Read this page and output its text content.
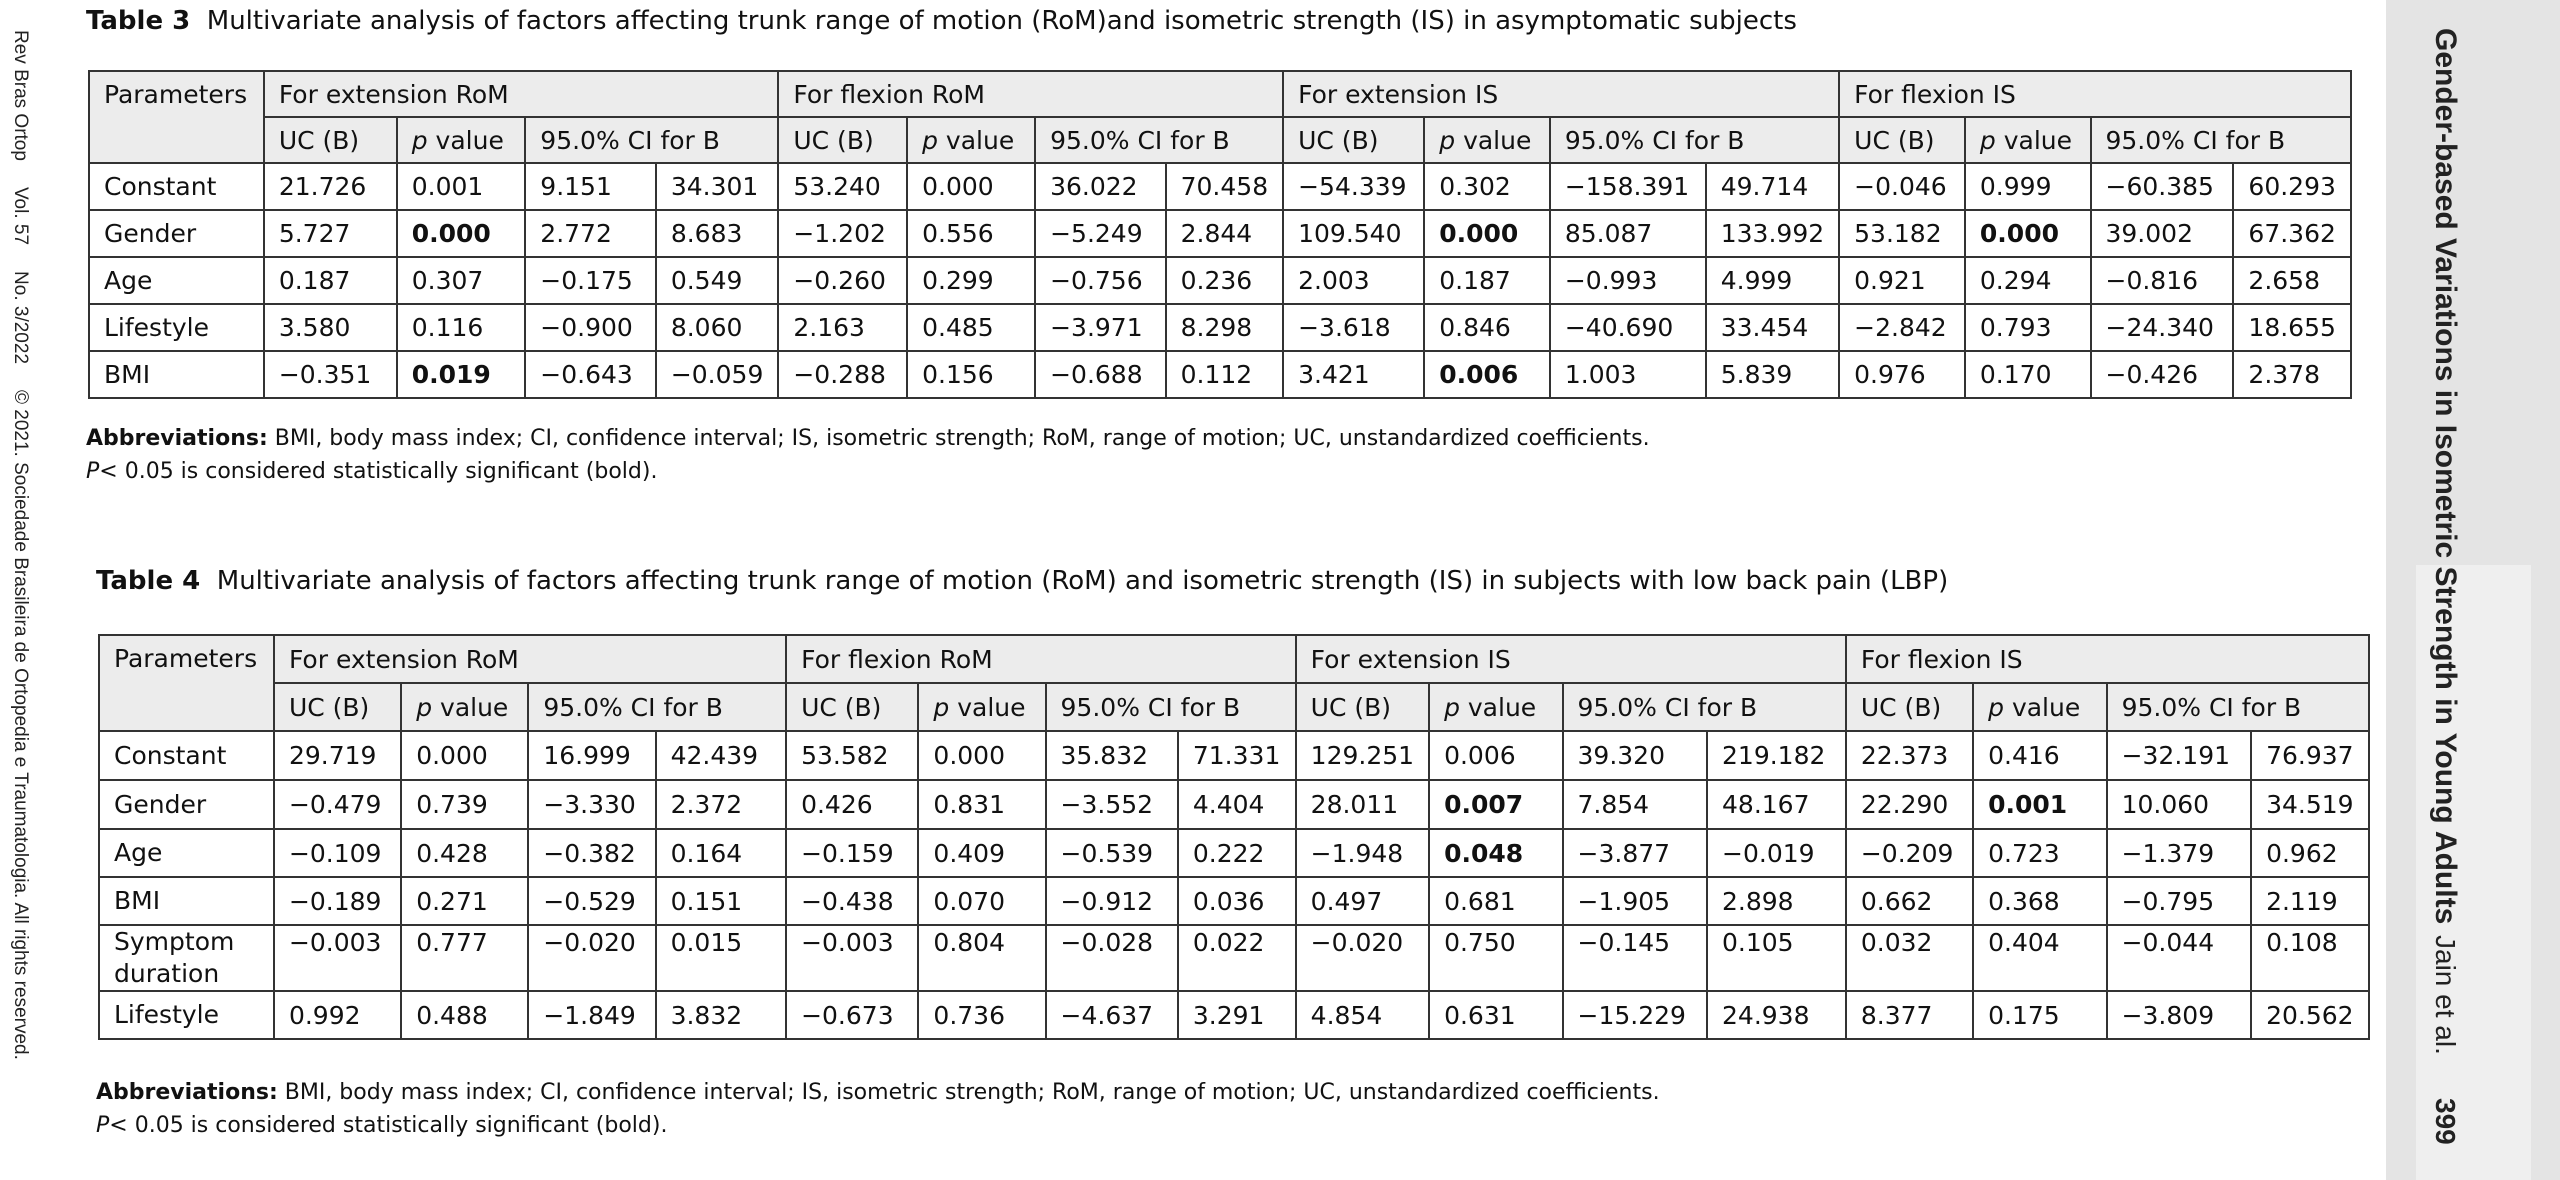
Rev Bras OrtopVol. 57No. 3/2022© 2021. Sociedade Brasileira de Ortopedia e Traumatologia. All rights reserved.	Gender-based Variations in Isometric Strength in Young Adults
Jain et al.
399
Table 3 Multivariate analysis of factors affecting trunk range of motion (RoM)and isometric strength (IS) in asymptomatic subjects
Parameters	For extension RoM				For flexion RoM				For extension IS				For flexion IS			
	UC (B)	p value	95.0% CI for B		UC (B)	p value	95.0% CI for B		UC (B)	p value	95.0% CI for B		UC (B)	p value	95.0% CI for B	
Constant	21.726	0.001	9.151	34.301	53.240	0.000	36.022	70.458	−54.339	0.302	−158.391	49.714	−0.046	0.999	−60.385	60.293
Gender	5.727	0.000	2.772	8.683	−1.202	0.556	−5.249	2.844	109.540	0.000	85.087	133.992	53.182	0.000	39.002	67.362
Age	0.187	0.307	−0.175	0.549	−0.260	0.299	−0.756	0.236	2.003	0.187	−0.993	4.999	0.921	0.294	−0.816	2.658
Lifestyle	3.580	0.116	−0.900	8.060	2.163	0.485	−3.971	8.298	−3.618	0.846	−40.690	33.454	−2.842	0.793	−24.340	18.655
BMI	−0.351	0.019	−0.643	−0.059	−0.288	0.156	−0.688	0.112	3.421	0.006	1.003	5.839	0.976	0.170	−0.426	2.378
Abbreviations: BMI, body mass index; CI, confidence interval; IS, isometric strength; RoM, range of motion; UC, unstandardized coefficients.
P< 0.05 is considered statistically significant (bold).
Table 4 Multivariate analysis of factors affecting trunk range of motion (RoM) and isometric strength (IS) in subjects with low back pain (LBP)
Parameters	For extension RoM				For flexion RoM				For extension IS				For flexion IS			
	UC (B)	p value	95.0% CI for B		UC (B)	p value	95.0% CI for B		UC (B)	p value	95.0% CI for B		UC (B)	p value	95.0% CI for B	
Constant	29.719	0.000	16.999	42.439	53.582	0.000	35.832	71.331	129.251	0.006	39.320	219.182	22.373	0.416	−32.191	76.937
Gender	−0.479	0.739	−3.330	2.372	0.426	0.831	−3.552	4.404	28.011	0.007	7.854	48.167	22.290	0.001	10.060	34.519
Age	−0.109	0.428	−0.382	0.164	−0.159	0.409	−0.539	0.222	−1.948	0.048	−3.877	−0.019	−0.209	0.723	−1.379	0.962
BMI	−0.189	0.271	−0.529	0.151	−0.438	0.070	−0.912	0.036	0.497	0.681	−1.905	2.898	0.662	0.368	−0.795	2.119
Symptom duration	−0.003	0.777	−0.020	0.015	−0.003	0.804	−0.028	0.022	−0.020	0.750	−0.145	0.105	0.032	0.404	−0.044	0.108
Lifestyle	0.992	0.488	−1.849	3.832	−0.673	0.736	−4.637	3.291	4.854	0.631	−15.229	24.938	8.377	0.175	−3.809	20.562
Abbreviations: BMI, body mass index; CI, confidence interval; IS, isometric strength; RoM, range of motion; UC, unstandardized coefficients.
P< 0.05 is considered statistically significant (bold).
